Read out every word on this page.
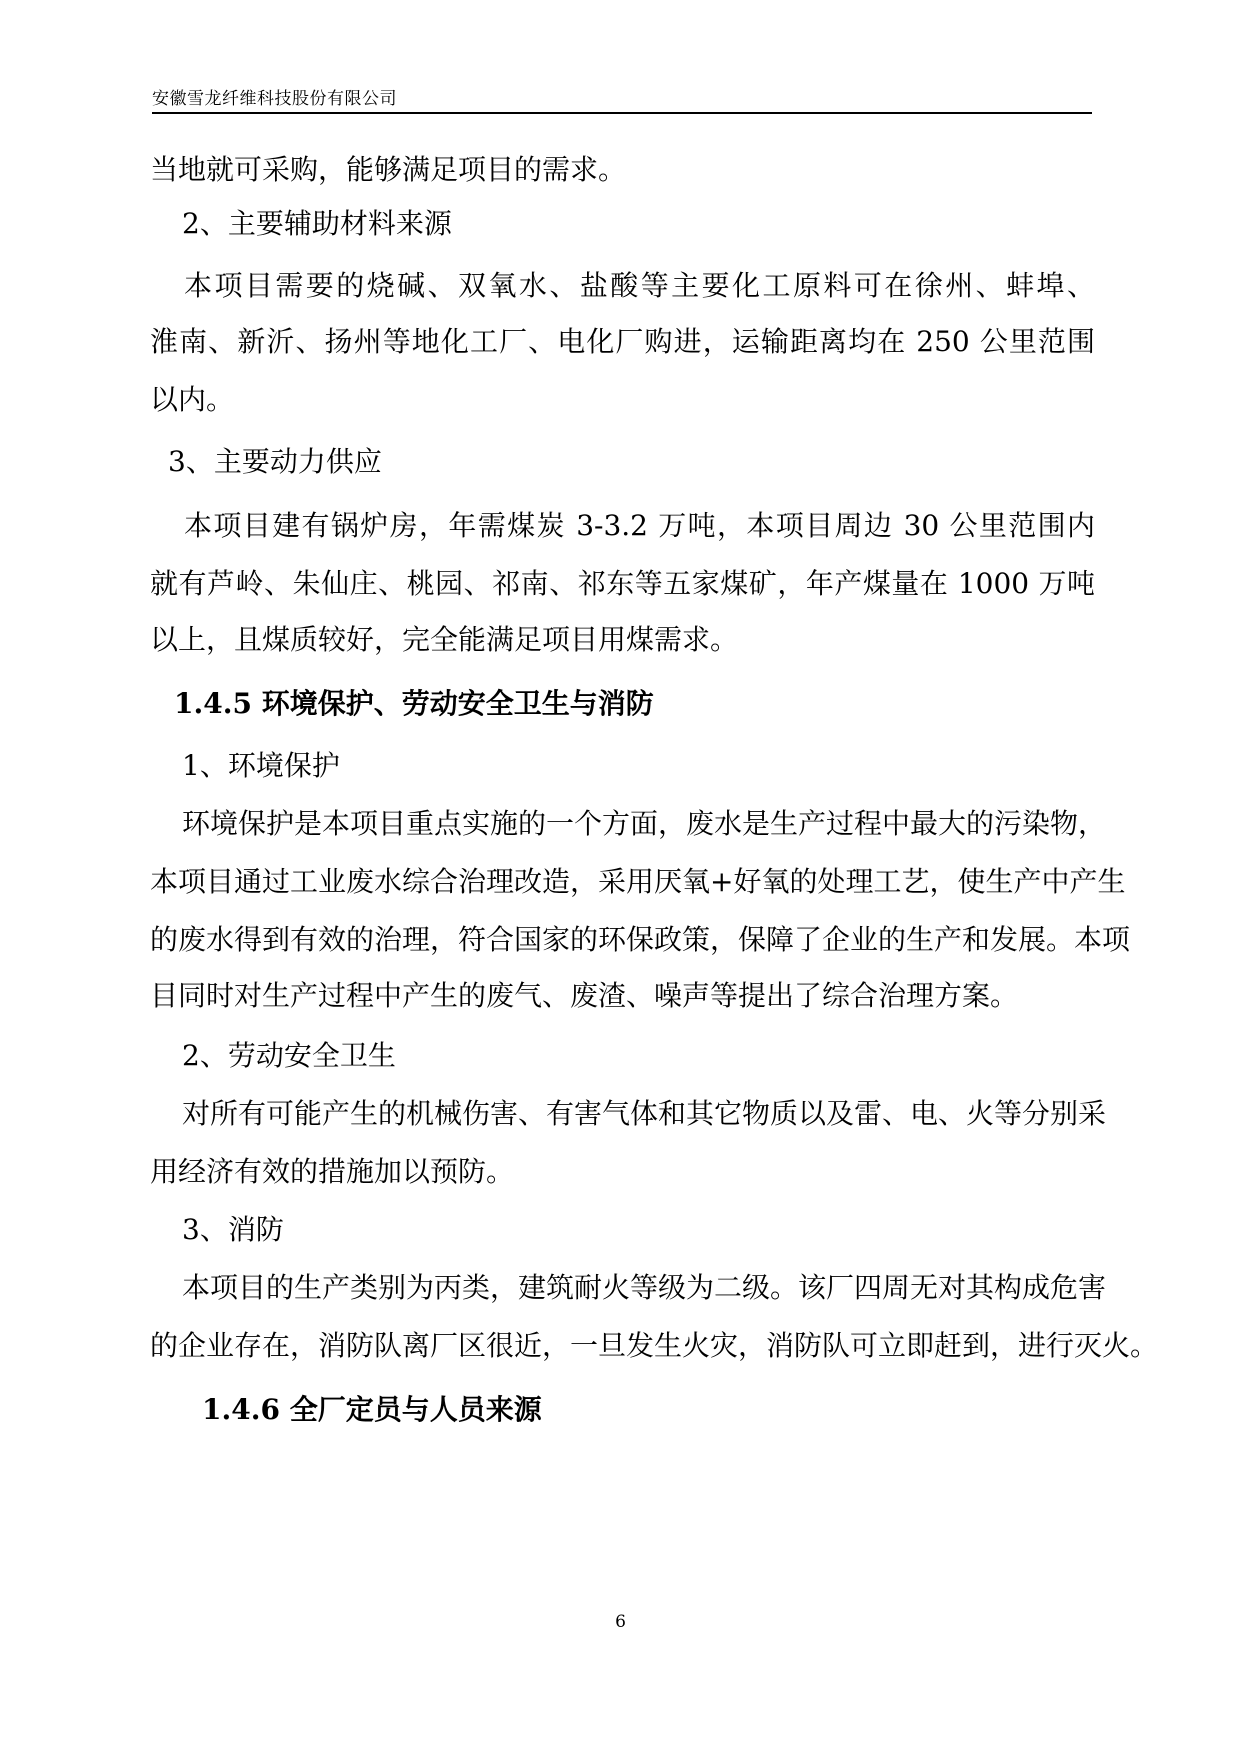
安徽雪龙纤维科技股份有限公司
当地就可采购，能够满足项目的需求。
2、主要辅助材料来源
本项目需要的烧碱、双氧水、盐酸等主要化工原料可在徐州、蚌埠、
淮南、新沂、扬州等地化工厂、电化厂购进，运输距离均在 250 公里范围
以内。
3、主要动力供应
本项目建有锅炉房，年需煤炭 3-3.2 万吨，本项目周边 30 公里范围内
就有芦岭、朱仙庄、桃园、祁南、祁东等五家煤矿，年产煤量在 1000 万吨
以上，且煤质较好，完全能满足项目用煤需求。
1.4.5 环境保护、劳动安全卫生与消防
1、环境保护
环境保护是本项目重点实施的一个方面，废水是生产过程中最大的污染物，
本项目通过工业废水综合治理改造，采用厌氧+好氧的处理工艺，使生产中产生
的废水得到有效的治理，符合国家的环保政策，保障了企业的生产和发展。本项
目同时对生产过程中产生的废气、废渣、噪声等提出了综合治理方案。
2、劳动安全卫生
对所有可能产生的机械伤害、有害气体和其它物质以及雷、电、火等分别采
用经济有效的措施加以预防。
3、消防
本项目的生产类别为丙类，建筑耐火等级为二级。该厂四周无对其构成危害
的企业存在，消防队离厂区很近，一旦发生火灾，消防队可立即赶到，进行灭火。
1.4.6 全厂定员与人员来源
6
